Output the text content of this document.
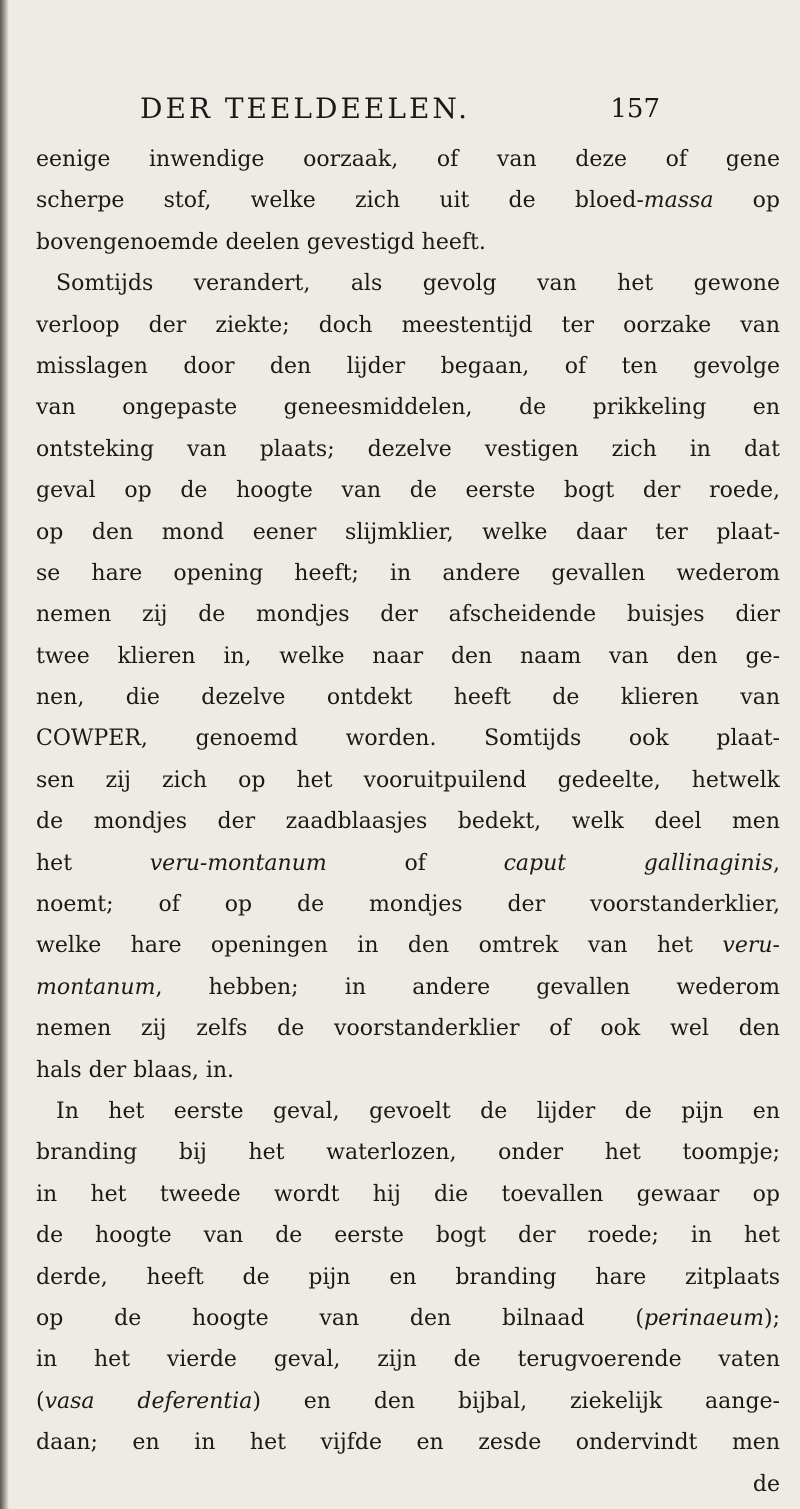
DER TEELDEELEN.	157
eenige inwendige oorzaak, of van deze of gene
scherpe stof, welke zich uit de bloed-massa op
bovengenoemde deelen gevestigd heeft.
Somtijds verandert, als gevolg van het gewone
verloop der ziekte; doch meestentijd ter oorzake van
misslagen door den lijder begaan, of ten gevolge
van ongepaste geneesmiddelen, de prikkeling en
ontsteking van plaats; dezelve vestigen zich in dat
geval op de hoogte van de eerste bogt der roede,
op den mond eener slijmklier, welke daar ter plaat-
se hare opening heeft; in andere gevallen wederom
nemen zij de mondjes der afscheidende buisjes dier
twee klieren in, welke naar den naam van den ge-
nen, die dezelve ontdekt heeft de klieren van
COWPER, genoemd worden. Somtijds ook plaat-
sen zij zich op het vooruitpuilend gedeelte, hetwelk
de mondjes der zaadblaasjes bedekt, welk deel men
het veru-montanum of caput gallinaginis,
noemt; of op de mondjes der voorstanderklier,
welke hare openingen in den omtrek van het veru-
montanum, hebben; in andere gevallen wederom
nemen zij zelfs de voorstanderklier of ook wel den
hals der blaas, in.
In het eerste geval, gevoelt de lijder de pijn en
branding bij het waterlozen, onder het toompje;
in het tweede wordt hij die toevallen gewaar op
de hoogte van de eerste bogt der roede; in het
derde, heeft de pijn en branding hare zitplaats
op de hoogte van den bilnaad (perinaeum);
in het vierde geval, zijn de terugvoerende vaten
(vasa deferentia) en den bijbal, ziekelijk aange-
daan; en in het vijfde en zesde ondervindt men
de
